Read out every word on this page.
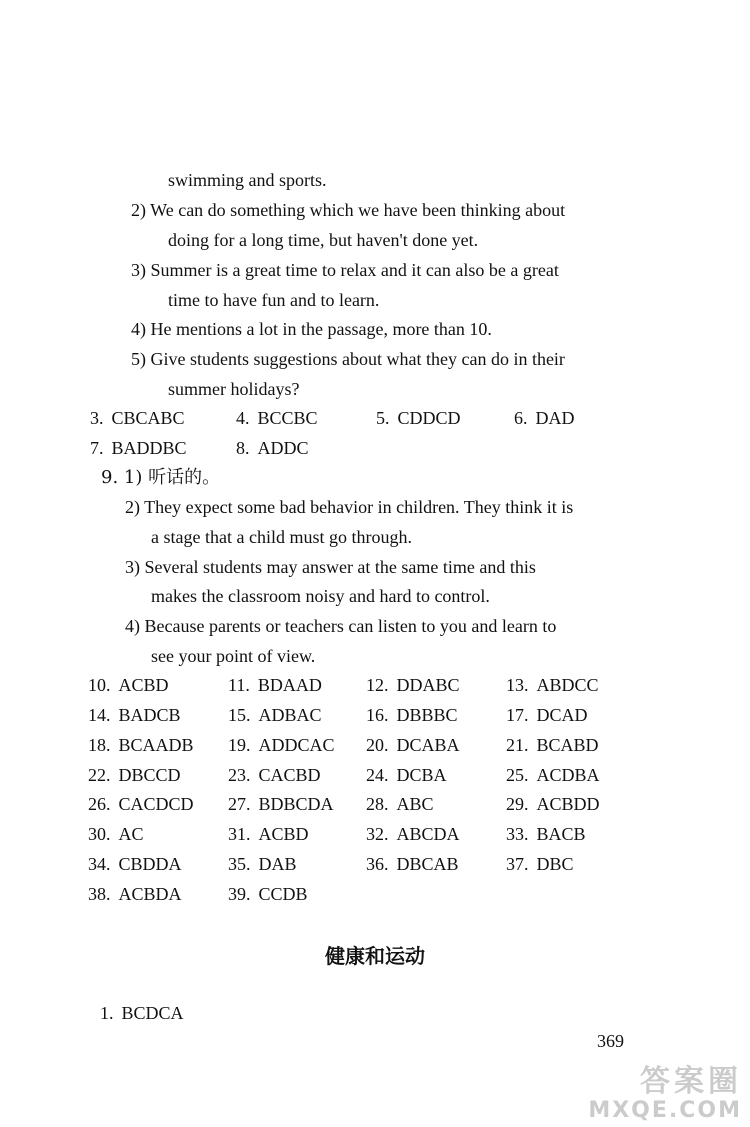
swimming and sports.
2) We can do something which we have been thinking about
doing for a long time, but haven't done yet.
3) Summer is a great time to relax and it can also be a great
time to have fun and to learn.
4) He mentions a lot in the passage, more than 10.
5) Give students suggestions about what they can do in their
summer holidays?
3. CBCABC	4. BCCBC	5. CDDCD	6. DAD
7. BADDBC	8. ADDC
9. 1) 听话的。
2) They expect some bad behavior in children. They think it is
a stage that a child must go through.
3) Several students may answer at the same time and this
makes the classroom noisy and hard to control.
4) Because parents or teachers can listen to you and learn to
see your point of view.
10. ACBD	11. BDAAD 12. DDABC	13. ABDCC
14. BADCB	15. ADBAC 16. DBBBC	17. DCAD
18. BCAADB 19. ADDCAC 20. DCABA	21. BCABD
22. DBCCD	23. CACBD	24. DCBA	25. ACDBA
26. CACDCD 27. BDBCDA 28. ABC	29. ACBDD
30. AC	31. ACBD	32. ABCDA	33. BACB
34. CBDDA	35. DAB	36. DBCAB	37. DBC
38. ACBDA	39. CCDB
健康和运动
1. BCDCA
369
答案圈
MXQE.COM
